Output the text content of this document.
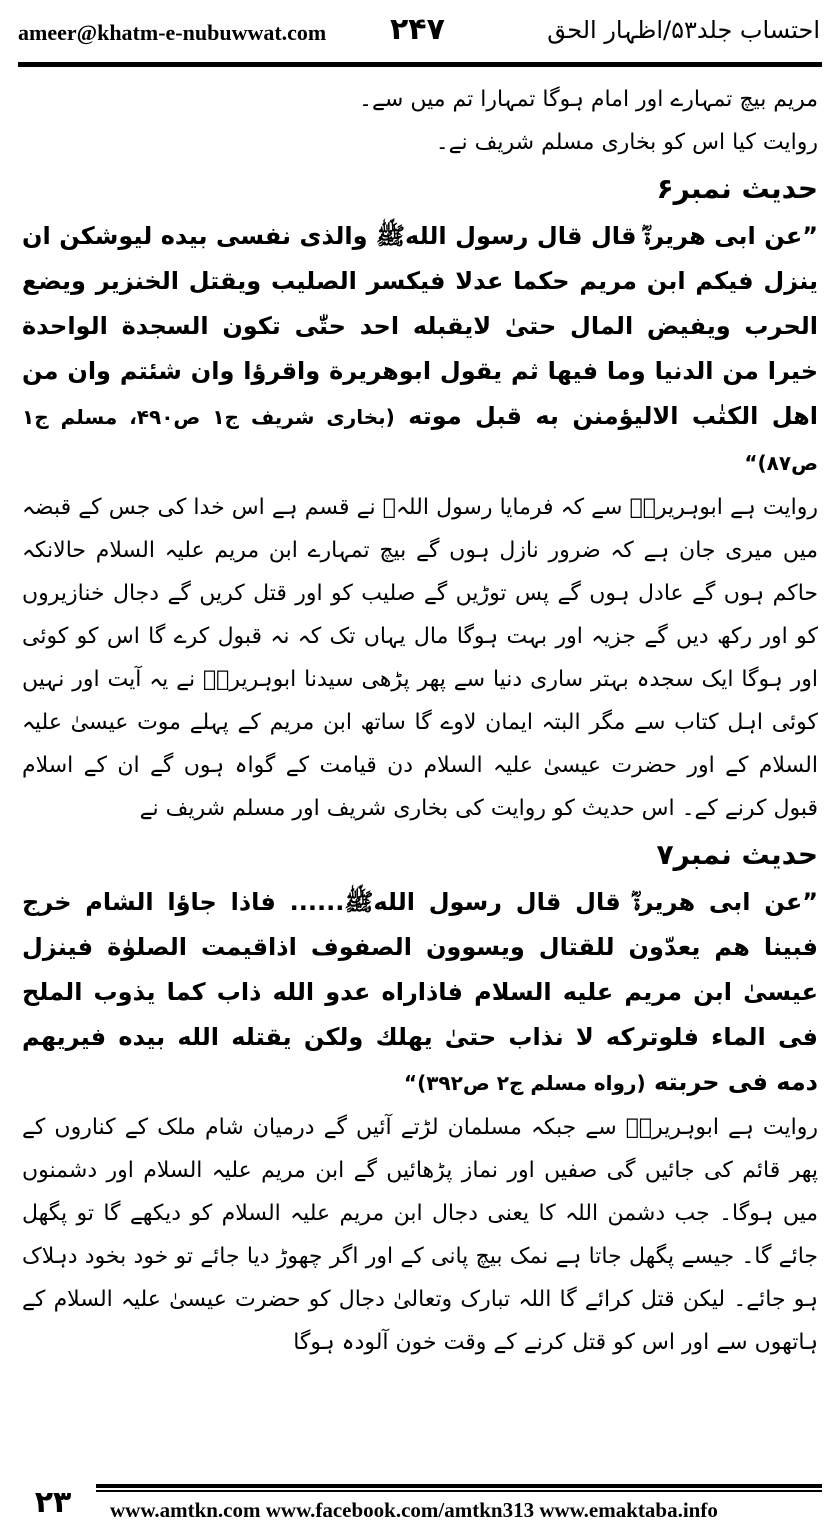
ameer@khatm-e-nubuwwat.com ۲۴۷	احتساب جلد۵۳/اظہار الحق

مریم بیچ تمہارے اور امام ہوگا تمہارا تم میں سے۔

روایت کیا اس کو بخاری مسلم شریف نے۔

حدیث نمبر۶

”عن ابی هریرةؓ قال قال رسول اللهﷺ والذی نفسی بیده لیوشکن ان ینزل فیکم ابن مریم حکما عدلا فیکسر الصلیب ویقتل الخنزیر ویضع الحرب ویفیض المال حتیٰ لایقبله احد حتّٰی تکون السجدة الواحدة خیرا من الدنیا وما فیها ثم یقول ابوهریرة واقرؤا وان شئتم وان من اهل الکتٰب الالیؤمنن به قبل موته (بخاری شریف ج۱ ص۴۹۰، مسلم ج۱ ص۸۷)“

روایت ہے ابوہریرہؓ سے کہ فرمایا رسول اللہﷺ نے قسم ہے اس خدا کی جس کے قبضہ میں میری جان ہے کہ ضرور نازل ہوں گے بیچ تمہارے ابن مریم علیہ السلام حالانکہ حاکم ہوں گے عادل ہوں گے پس توڑیں گے صلیب کو اور قتل کریں گے دجال خنازیروں کو اور رکھ دیں گے جزیہ اور بہت ہوگا مال یہاں تک کہ نہ قبول کرے گا اس کو کوئی اور ہوگا ایک سجدہ بہتر ساری دنیا سے پھر پڑھی سیدنا ابوہریرہؓ نے یہ آیت اور نہیں کوئی اہل کتاب سے مگر البتہ ایمان لاوے گا ساتھ ابن مریم کے پہلے موت عیسیٰ علیہ السلام کے اور حضرت عیسیٰ علیہ السلام دن قیامت کے گواہ ہوں گے ان کے اسلام قبول کرنے کے۔ اس حدیث کو روایت کی بخاری شریف اور مسلم شریف نے

حدیث نمبر۷

”عن ابی هریرةؓ قال قال رسول اللهﷺ...... فاذا جاؤا الشام خرج فبینا هم یعدّون للقتال ویسوون الصفوف اذاقیمت الصلوٰة فینزل عیسیٰ ابن مریم علیه السلام فاذاراه عدو الله ذاب کما یذوب الملح فی الماء فلوترکه لا نذاب حتیٰ یهلك ولکن یقتله الله بیده فیریهم دمه فی حربته (رواه مسلم ج۲ ص۳۹۲)“

روایت ہے ابوہریرہؓ سے جبکہ مسلمان لڑتے آئیں گے درمیان شام ملک کے کناروں کے پھر قائم کی جائیں گی صفیں اور نماز پڑھائیں گے ابن مریم علیہ السلام اور دشمنوں میں ہوگا۔ جب دشمن اللہ کا یعنی دجال ابن مریم علیہ السلام کو دیکھے گا تو پگھل جائے گا۔ جیسے پگھل جاتا ہے نمک بیچ پانی کے اور اگر چھوڑ دیا جائے تو خود بخود دہلاک ہو جائے۔ لیکن قتل کرائے گا اللہ تبارک وتعالیٰ دجال کو حضرت عیسیٰ علیہ السلام کے ہاتھوں سے اور اس کو قتل کرنے کے وقت خون آلودہ ہوگا

۲۳	www.amtkn.com www.facebook.com/amtkn313 www.emaktaba.info
